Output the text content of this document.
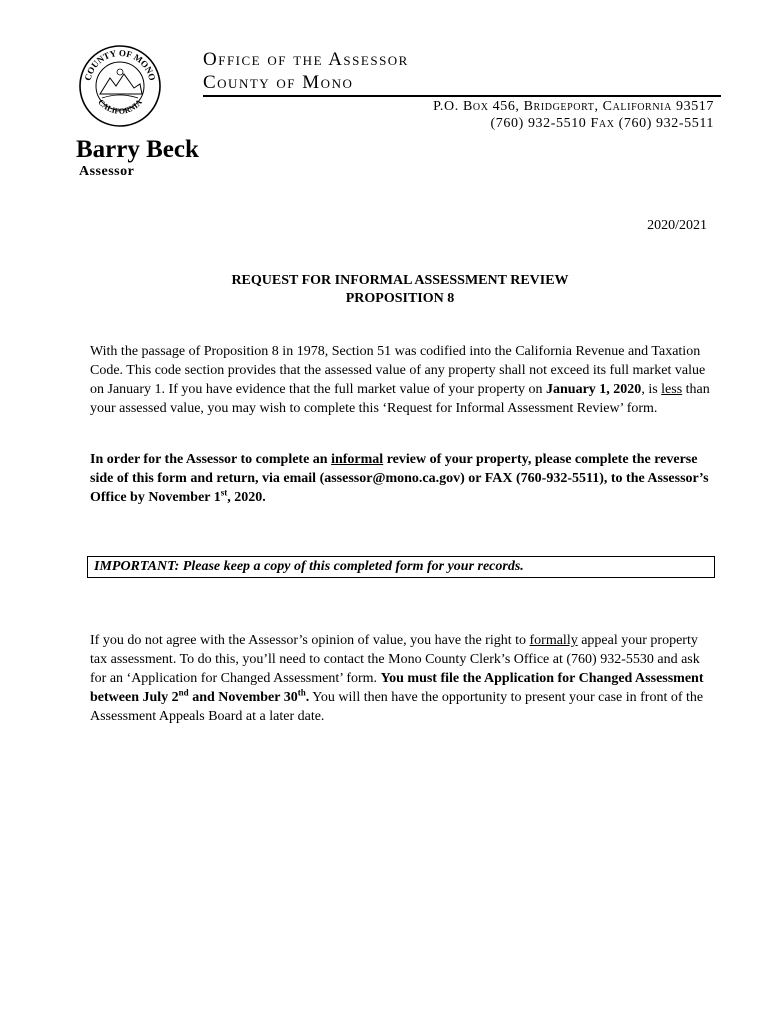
COUNTY OF MONO
CALIFORNIA
Office of the Assessor
County of Mono
P.O. Box 456, Bridgeport, California 93517
(760) 932-5510 Fax (760) 932-5511
Barry Beck
Assessor
2020/2021
REQUEST FOR INFORMAL ASSESSMENT REVIEW
PROPOSITION 8
With the passage of Proposition 8 in 1978, Section 51 was codified into the California Revenue and Taxation Code. This code section provides that the assessed value of any property shall not exceed its full market value on January 1. If you have evidence that the full market value of your property on January 1, 2020, is less than your assessed value, you may wish to complete this ‘Request for Informal Assessment Review’ form.
In order for the Assessor to complete an informal review of your property, please complete the reverse side of this form and return, via email (assessor@mono.ca.gov) or FAX (760-932-5511), to the Assessor’s Office by November 1st, 2020.
IMPORTANT: Please keep a copy of this completed form for your records.
If you do not agree with the Assessor’s opinion of value, you have the right to formally appeal your property tax assessment. To do this, you’ll need to contact the Mono County Clerk’s Office at (760) 932-5530 and ask for an ‘Application for Changed Assessment’ form. You must file the Application for Changed Assessment between July 2nd and November 30th. You will then have the opportunity to present your case in front of the Assessment Appeals Board at a later date.
